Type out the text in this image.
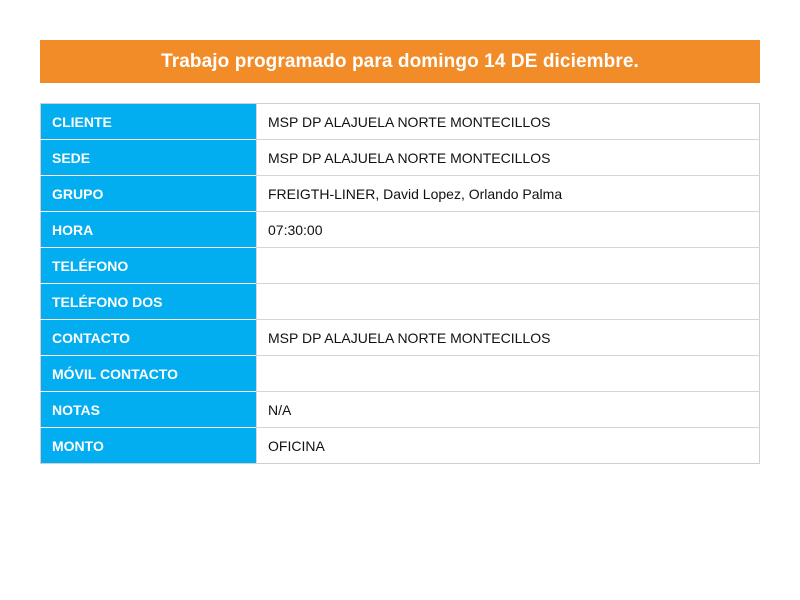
Trabajo programado para domingo 14 DE diciembre.
CLIENTE	MSP DP ALAJUELA NORTE MONTECILLOS
SEDE	MSP DP ALAJUELA NORTE MONTECILLOS
GRUPO	FREIGTH-LINER, David Lopez, Orlando Palma
HORA	07:30:00
TELÉFONO	
TELÉFONO DOS	
CONTACTO	MSP DP ALAJUELA NORTE MONTECILLOS
MÓVIL CONTACTO	
NOTAS	N/A
MONTO	OFICINA
